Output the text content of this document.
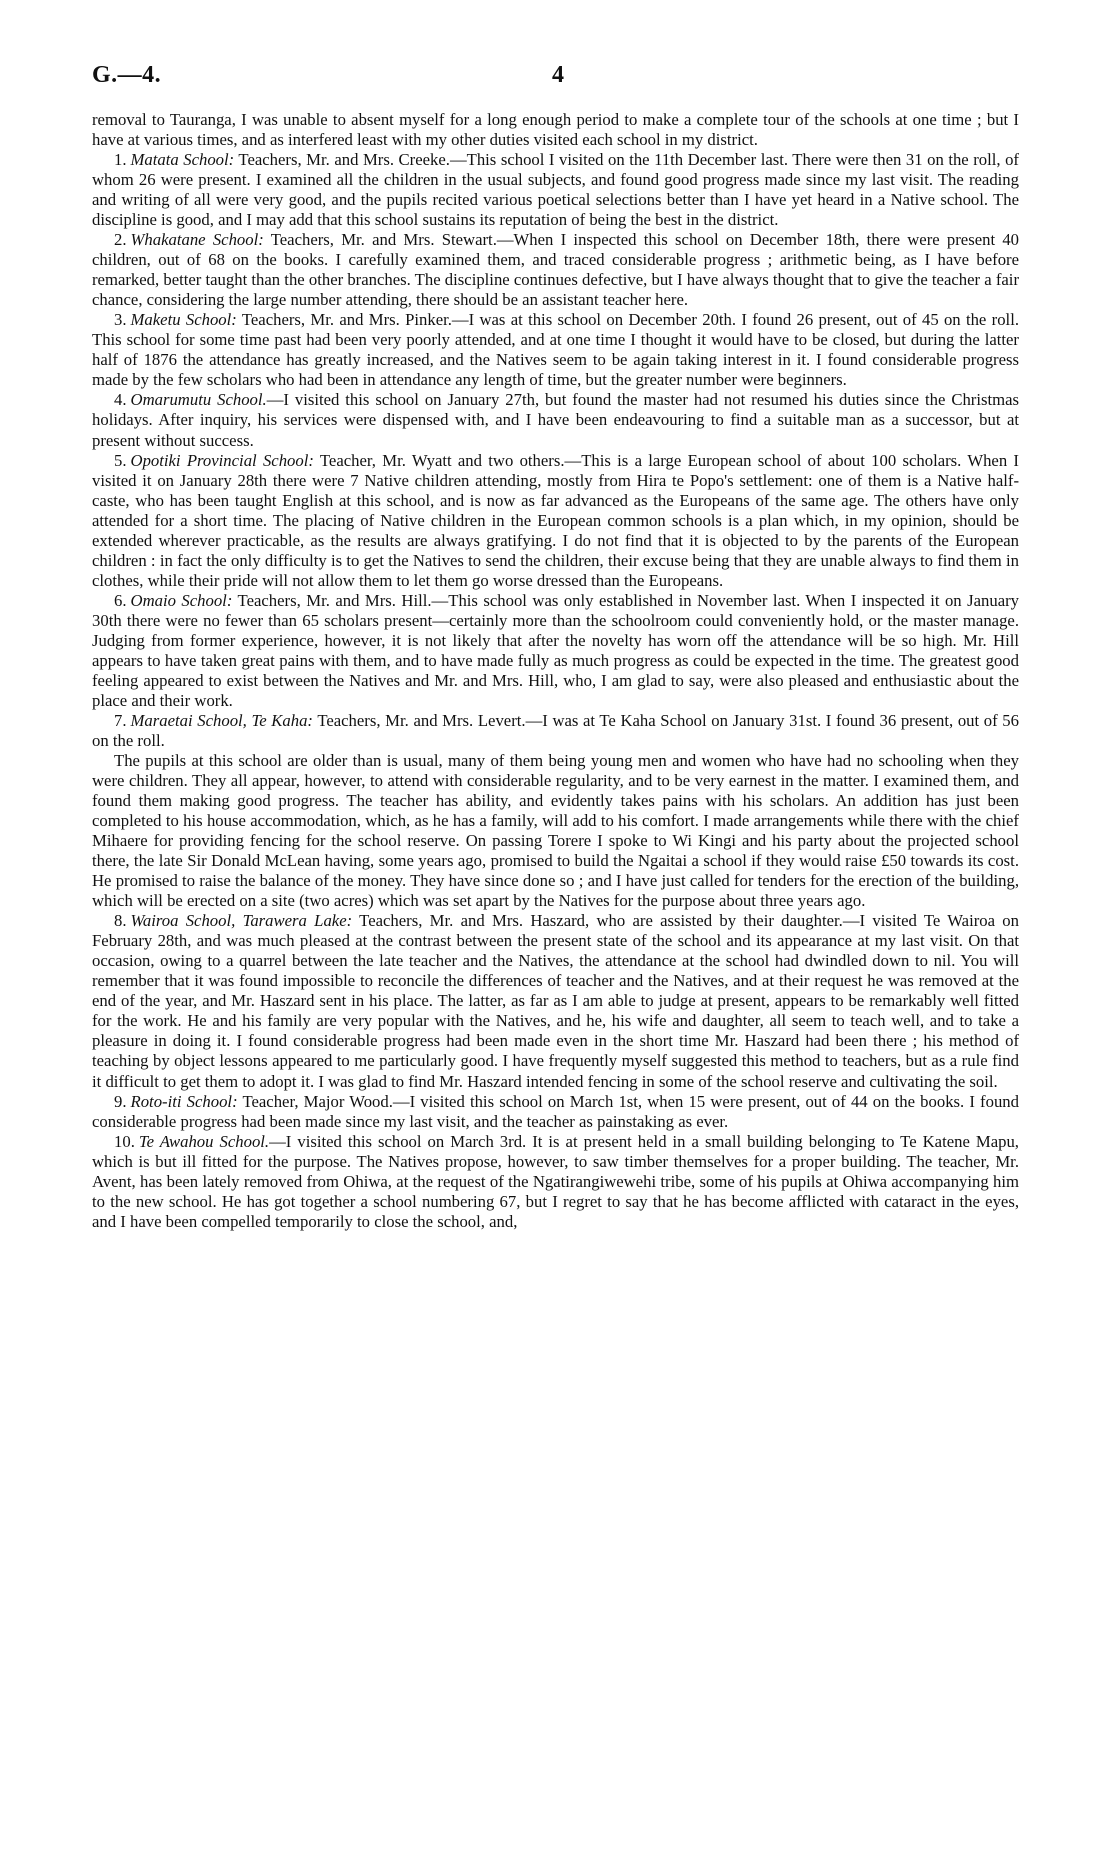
G.—4.	4

removal to Tauranga, I was unable to absent myself for a long enough period to make a complete tour of the schools at one time ; but I have at various times, and as interfered least with my other duties visited each school in my district.

1. Matata School: Teachers, Mr. and Mrs. Creeke.—This school I visited on the 11th December last. There were then 31 on the roll, of whom 26 were present. I examined all the children in the usual subjects, and found good progress made since my last visit. The reading and writing of all were very good, and the pupils recited various poetical selections better than I have yet heard in a Native school. The discipline is good, and I may add that this school sustains its reputation of being the best in the district.

2. Whakatane School: Teachers, Mr. and Mrs. Stewart.—When I inspected this school on December 18th, there were present 40 children, out of 68 on the books. I carefully examined them, and traced considerable progress ; arithmetic being, as I have before remarked, better taught than the other branches. The discipline continues defective, but I have always thought that to give the teacher a fair chance, considering the large number attending, there should be an assistant teacher here.

3. Maketu School: Teachers, Mr. and Mrs. Pinker.—I was at this school on December 20th. I found 26 present, out of 45 on the roll. This school for some time past had been very poorly attended, and at one time I thought it would have to be closed, but during the latter half of 1876 the attendance has greatly increased, and the Natives seem to be again taking interest in it. I found considerable progress made by the few scholars who had been in attendance any length of time, but the greater number were beginners.

4. Omarumutu School.—I visited this school on January 27th, but found the master had not resumed his duties since the Christmas holidays. After inquiry, his services were dispensed with, and I have been endeavouring to find a suitable man as a successor, but at present without success.

5. Opotiki Provincial School: Teacher, Mr. Wyatt and two others.—This is a large European school of about 100 scholars. When I visited it on January 28th there were 7 Native children attending, mostly from Hira te Popo's settlement: one of them is a Native half-caste, who has been taught English at this school, and is now as far advanced as the Europeans of the same age. The others have only attended for a short time. The placing of Native children in the European common schools is a plan which, in my opinion, should be extended wherever practicable, as the results are always gratifying. I do not find that it is objected to by the parents of the European children : in fact the only difficulty is to get the Natives to send the children, their excuse being that they are unable always to find them in clothes, while their pride will not allow them to let them go worse dressed than the Europeans.

6. Omaio School: Teachers, Mr. and Mrs. Hill.—This school was only established in November last. When I inspected it on January 30th there were no fewer than 65 scholars present—certainly more than the schoolroom could conveniently hold, or the master manage. Judging from former experience, however, it is not likely that after the novelty has worn off the attendance will be so high. Mr. Hill appears to have taken great pains with them, and to have made fully as much progress as could be expected in the time. The greatest good feeling appeared to exist between the Natives and Mr. and Mrs. Hill, who, I am glad to say, were also pleased and enthusiastic about the place and their work.

7. Maraetai School, Te Kaha: Teachers, Mr. and Mrs. Levert.—I was at Te Kaha School on January 31st. I found 36 present, out of 56 on the roll.

The pupils at this school are older than is usual, many of them being young men and women who have had no schooling when they were children. They all appear, however, to attend with considerable regularity, and to be very earnest in the matter. I examined them, and found them making good progress. The teacher has ability, and evidently takes pains with his scholars. An addition has just been completed to his house accommodation, which, as he has a family, will add to his comfort. I made arrangements while there with the chief Mihaere for providing fencing for the school reserve. On passing Torere I spoke to Wi Kingi and his party about the projected school there, the late Sir Donald McLean having, some years ago, promised to build the Ngaitai a school if they would raise £50 towards its cost. He promised to raise the balance of the money. They have since done so ; and I have just called for tenders for the erection of the building, which will be erected on a site (two acres) which was set apart by the Natives for the purpose about three years ago.

8. Wairoa School, Tarawera Lake: Teachers, Mr. and Mrs. Haszard, who are assisted by their daughter.—I visited Te Wairoa on February 28th, and was much pleased at the contrast between the present state of the school and its appearance at my last visit. On that occasion, owing to a quarrel between the late teacher and the Natives, the attendance at the school had dwindled down to nil. You will remember that it was found impossible to reconcile the differences of teacher and the Natives, and at their request he was removed at the end of the year, and Mr. Haszard sent in his place. The latter, as far as I am able to judge at present, appears to be remarkably well fitted for the work. He and his family are very popular with the Natives, and he, his wife and daughter, all seem to teach well, and to take a pleasure in doing it. I found considerable progress had been made even in the short time Mr. Haszard had been there ; his method of teaching by object lessons appeared to me particularly good. I have frequently myself suggested this method to teachers, but as a rule find it difficult to get them to adopt it. I was glad to find Mr. Haszard intended fencing in some of the school reserve and cultivating the soil.

9. Roto-iti School: Teacher, Major Wood.—I visited this school on March 1st, when 15 were present, out of 44 on the books. I found considerable progress had been made since my last visit, and the teacher as painstaking as ever.

10. Te Awahou School.—I visited this school on March 3rd. It is at present held in a small building belonging to Te Katene Mapu, which is but ill fitted for the purpose. The Natives propose, however, to saw timber themselves for a proper building. The teacher, Mr. Avent, has been lately removed from Ohiwa, at the request of the Ngatirangiwewehi tribe, some of his pupils at Ohiwa accompanying him to the new school. He has got together a school numbering 67, but I regret to say that he has become afflicted with cataract in the eyes, and I have been compelled temporarily to close the school, and,
